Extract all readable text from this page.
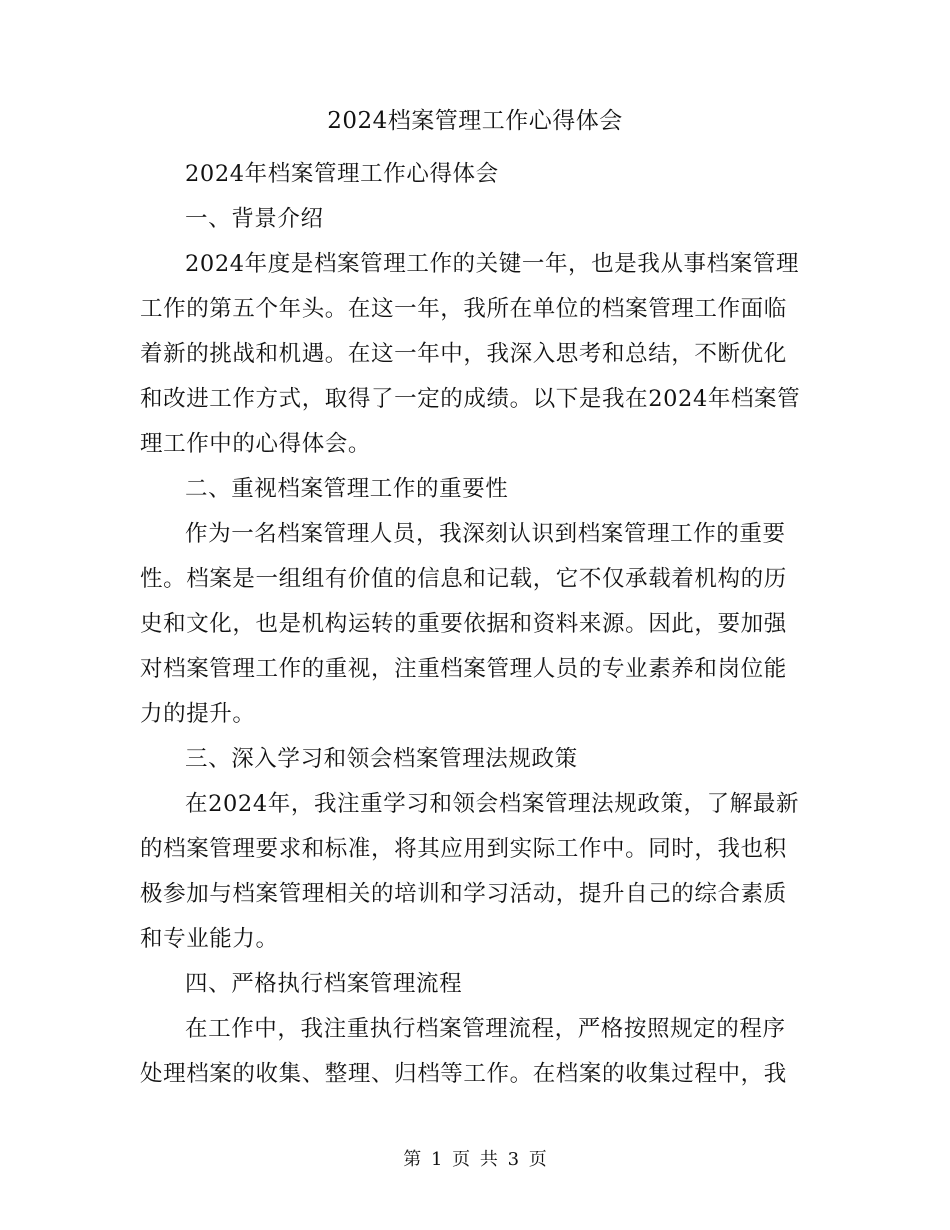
2024档案管理工作心得体会

2024年档案管理工作心得体会

一、背景介绍

2024年度是档案管理工作的关键一年，也是我从事档案管理工作的第五个年头。在这一年，我所在单位的档案管理工作面临着新的挑战和机遇。在这一年中，我深入思考和总结，不断优化和改进工作方式，取得了一定的成绩。以下是我在2024年档案管理工作中的心得体会。

二、重视档案管理工作的重要性

作为一名档案管理人员，我深刻认识到档案管理工作的重要性。档案是一组组有价值的信息和记载，它不仅承载着机构的历史和文化，也是机构运转的重要依据和资料来源。因此，要加强对档案管理工作的重视，注重档案管理人员的专业素养和岗位能力的提升。

三、深入学习和领会档案管理法规政策

在2024年，我注重学习和领会档案管理法规政策，了解最新的档案管理要求和标准，将其应用到实际工作中。同时，我也积极参加与档案管理相关的培训和学习活动，提升自己的综合素质和专业能力。

四、严格执行档案管理流程

在工作中，我注重执行档案管理流程，严格按照规定的程序处理档案的收集、整理、归档等工作。在档案的收集过程中，我

第 1 页 共 3 页
